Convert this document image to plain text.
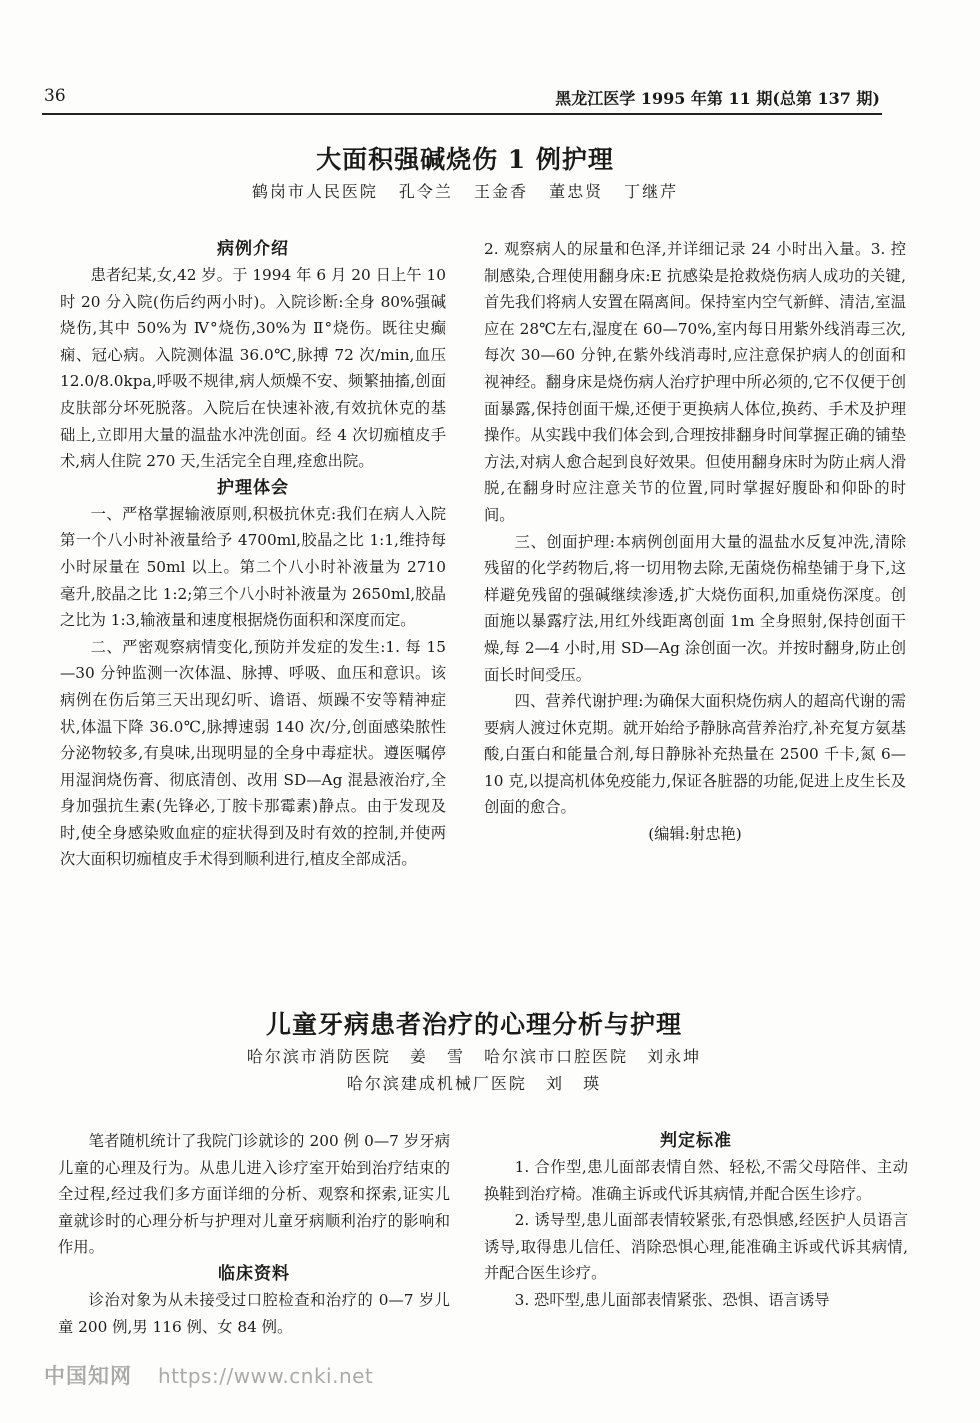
36	黑龙江医学 1995 年第 11 期(总第 137 期)
大面积强碱烧伤 1 例护理
鹤岗市人民医院 孔令兰 王金香 董忠贤 丁继芹
病例介绍

患者纪某,女,42 岁。于 1994 年 6 月 20 日上午 10 时 20 分入院(伤后约两小时)。入院诊断:全身 80%强碱烧伤,其中 50%为 Ⅳ°烧伤,30%为 Ⅱ°烧伤。既往史癫痫、冠心病。入院测体温 36.0℃,脉搏 72 次/min,血压 12.0/8.0kpa,呼吸不规律,病人烦燥不安、频繁抽搐,创面皮肤部分坏死脱落。入院后在快速补液,有效抗休克的基础上,立即用大量的温盐水冲洗创面。经 4 次切痂植皮手术,病人住院 270 天,生活完全自理,痊愈出院。

护理体会

一、严格掌握输液原则,积极抗休克:我们在病人入院第一个八小时补液量给予 4700ml,胶晶之比 1:1,维持每小时尿量在 50ml 以上。第二个八小时补液量为 2710 毫升,胶晶之比 1:2;第三个八小时补液量为 2650ml,胶晶之比为 1:3,输液量和速度根据烧伤面积和深度而定。

二、严密观察病情变化,预防并发症的发生:1. 每 15—30 分钟监测一次体温、脉搏、呼吸、血压和意识。该病例在伤后第三天出现幻听、谵语、烦躁不安等精神症状,体温下降 36.0℃,脉搏速弱 140 次/分,创面感染脓性分泌物较多,有臭味,出现明显的全身中毒症状。遵医嘱停用湿润烧伤膏、彻底清创、改用 SD—Ag 混悬液治疗,全身加强抗生素(先锋必,丁胺卡那霉素)静点。由于发现及时,使全身感染败血症的症状得到及时有效的控制,并使两次大面积切痂植皮手术得到顺利进行,植皮全部成活。

2. 观察病人的尿量和色泽,并详细记录 24 小时出入量。3. 控制感染,合理使用翻身床:E 抗感染是抢救烧伤病人成功的关键,首先我们将病人安置在隔离间。保持室内空气新鲜、清洁,室温应在 28℃左右,湿度在 60—70%,室内每日用紫外线消毒三次,每次 30—60 分钟,在紫外线消毒时,应注意保护病人的创面和视神经。翻身床是烧伤病人治疗护理中所必须的,它不仅便于创面暴露,保持创面干燥,还便于更换病人体位,换药、手术及护理操作。从实践中我们体会到,合理按排翻身时间掌握正确的铺垫方法,对病人愈合起到良好效果。但使用翻身床时为防止病人滑脱,在翻身时应注意关节的位置,同时掌握好腹卧和仰卧的时间。

三、创面护理:本病例创面用大量的温盐水反复冲洗,清除残留的化学药物后,将一切用物去除,无菌烧伤棉垫铺于身下,这样避免残留的强碱继续渗透,扩大烧伤面积,加重烧伤深度。创面施以暴露疗法,用红外线距离创面 1m 全身照射,保持创面干燥,每 2—4 小时,用 SD—Ag 涂创面一次。并按时翻身,防止创面长时间受压。

四、营养代谢护理:为确保大面积烧伤病人的超高代谢的需要病人渡过休克期。就开始给予静脉高营养治疗,补充复方氨基酸,白蛋白和能量合剂,每日静脉补充热量在 2500 千卡,氮 6—10 克,以提高机体免疫能力,保证各脏器的功能,促进上皮生长及创面的愈合。

(编辑:射忠艳)

儿童牙病患者治疗的心理分析与护理
哈尔滨市消防医院 姜 雪 哈尔滨市口腔医院 刘永坤
哈尔滨建成机械厂医院 刘 瑛

笔者随机统计了我院门诊就诊的 200 例 0—7 岁牙病儿童的心理及行为。从患儿进入诊疗室开始到治疗结束的全过程,经过我们多方面详细的分析、观察和探索,证实儿童就诊时的心理分析与护理对儿童牙病顺利治疗的影响和作用。

临床资料

诊治对象为从未接受过口腔检查和治疗的 0—7 岁儿童 200 例,男 116 例、女 84 例。

判定标准

1. 合作型,患儿面部表情自然、轻松,不需父母陪伴、主动换鞋到治疗椅。准确主诉或代诉其病情,并配合医生诊疗。

2. 诱导型,患儿面部表情较紧张,有恐惧感,经医护人员语言诱导,取得患儿信任、消除恐惧心理,能准确主诉或代诉其病情,并配合医生诊疗。

3. 恐吓型,患儿面部表情紧张、恐惧、语言诱导

中国知网 https://www.cnki.net
